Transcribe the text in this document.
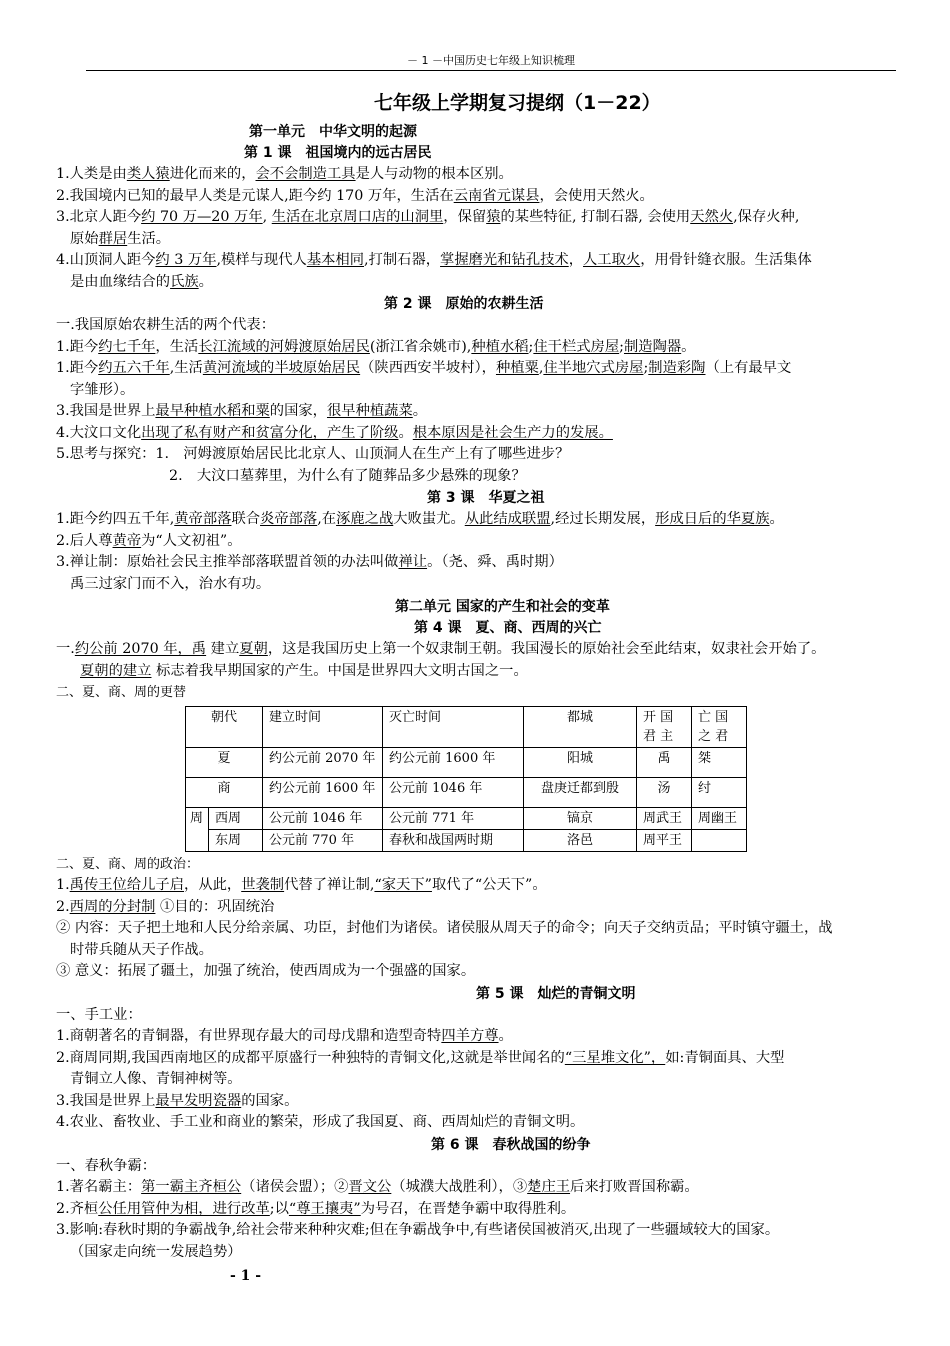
－ 1 －中国历史七年级上知识梳理

七年级上学期复习提纲（1－22）

第一单元　中华文明的起源

第 1 课　祖国境内的远古居民

1.人类是由类人猿进化而来的，会不会制造工具是人与动物的根本区别。

2.我国境内已知的最早人类是元谋人,距今约 170 万年，生活在云南省元谋县，会使用天然火。

3.北京人距今约 70 万—20 万年, 生活在北京周口店的山洞里，保留猿的某些特征, 打制石器, 会使用天然火,保存火种,

原始群居生活。

4.山顶洞人距今约 3 万年,模样与现代人基本相同,打制石器，掌握磨光和钻孔技术，人工取火，用骨针缝衣服。生活集体

是由血缘结合的氏族。

第 2 课　原始的农耕生活

一.我国原始农耕生活的两个代表：

1.距今约七千年，生活长江流域的河姆渡原始居民(浙江省余姚市),种植水稻;住干栏式房屋;制造陶器。

1.距今约五六千年,生活黄河流域的半坡原始居民（陕西西安半坡村），种植粟,住半地穴式房屋;制造彩陶（上有最早文

字雏形）。

3.我国是世界上最早种植水稻和粟的国家，很早种植蔬菜。

4.大汶口文化出现了私有财产和贫富分化，产生了阶级。根本原因是社会生产力的发展。

5.思考与探究：1.　河姆渡原始居民比北京人、山顶洞人在生产上有了哪些进步？

2.　大汶口墓葬里，为什么有了随葬品多少悬殊的现象？

第 3 课　华夏之祖

1.距今约四五千年,黄帝部落联合炎帝部落,在涿鹿之战大败蚩尤。从此结成联盟,经过长期发展，形成日后的华夏族。

2.后人尊黄帝为“人文初祖”。

3.禅让制：原始社会民主推举部落联盟首领的办法叫做禅让。（尧、舜、禹时期）

禹三过家门而不入，治水有功。

第二单元 国家的产生和社会的变革

第 4 课　夏、商、西周的兴亡

一.约公前 2070 年，禹 建立夏朝，这是我国历史上第一个奴隶制王朝。我国漫长的原始社会至此结束，奴隶社会开始了。

夏朝的建立 标志着我早期国家的产生。中国是世界四大文明古国之一。

二、夏、商、周的更替

朝代		建立时间	灭亡时间	都城	开 国 君 主	亡 国 之 君
夏		约公元前 2070 年	约公元前 1600 年	阳城	禹	桀
商		约公元前 1600 年	公元前 1046 年	盘庚迁都到殷	汤	纣
周	西周	公元前 1046 年	公元前 771 年	镐京	周武王	周幽王
	东周	公元前 770 年	春秋和战国两时期	洛邑	周平王	

二、夏、商、周的政治：

1.禹传王位给儿子启，从此，世袭制代替了禅让制,“家天下”取代了“公天下”。

2.西周的分封制 ①目的：巩固统治

② 内容：天子把土地和人民分给亲属、功臣，封他们为诸侯。诸侯服从周天子的命令；向天子交纳贡品；平时镇守疆土，战

时带兵随从天子作战。

③ 意义：拓展了疆土，加强了统治，使西周成为一个强盛的国家。

第 5 课　灿烂的青铜文明

一、手工业：

1.商朝著名的青铜器，有世界现存最大的司母戊鼎和造型奇特四羊方尊。

2.商周同期,我国西南地区的成都平原盛行一种独特的青铜文化,这就是举世闻名的“三星堆文化”，如:青铜面具、大型

青铜立人像、青铜神树等。

3.我国是世界上最早发明瓷器的国家。

4.农业、畜牧业、手工业和商业的繁荣，形成了我国夏、商、西周灿烂的青铜文明。

第 6 课　春秋战国的纷争

一、春秋争霸：

1.著名霸主：第一霸主齐桓公（诸侯会盟）；②晋文公（城濮大战胜利），③楚庄王后来打败晋国称霸。

2.齐桓公任用管仲为相，进行改革;以“尊王攘夷”为号召，在晋楚争霸中取得胜利。

3.影响:春秋时期的争霸战争,给社会带来种种灾难;但在争霸战争中,有些诸侯国被消灭,出现了一些疆域较大的国家。

（国家走向统一发展趋势）

- 1 -
